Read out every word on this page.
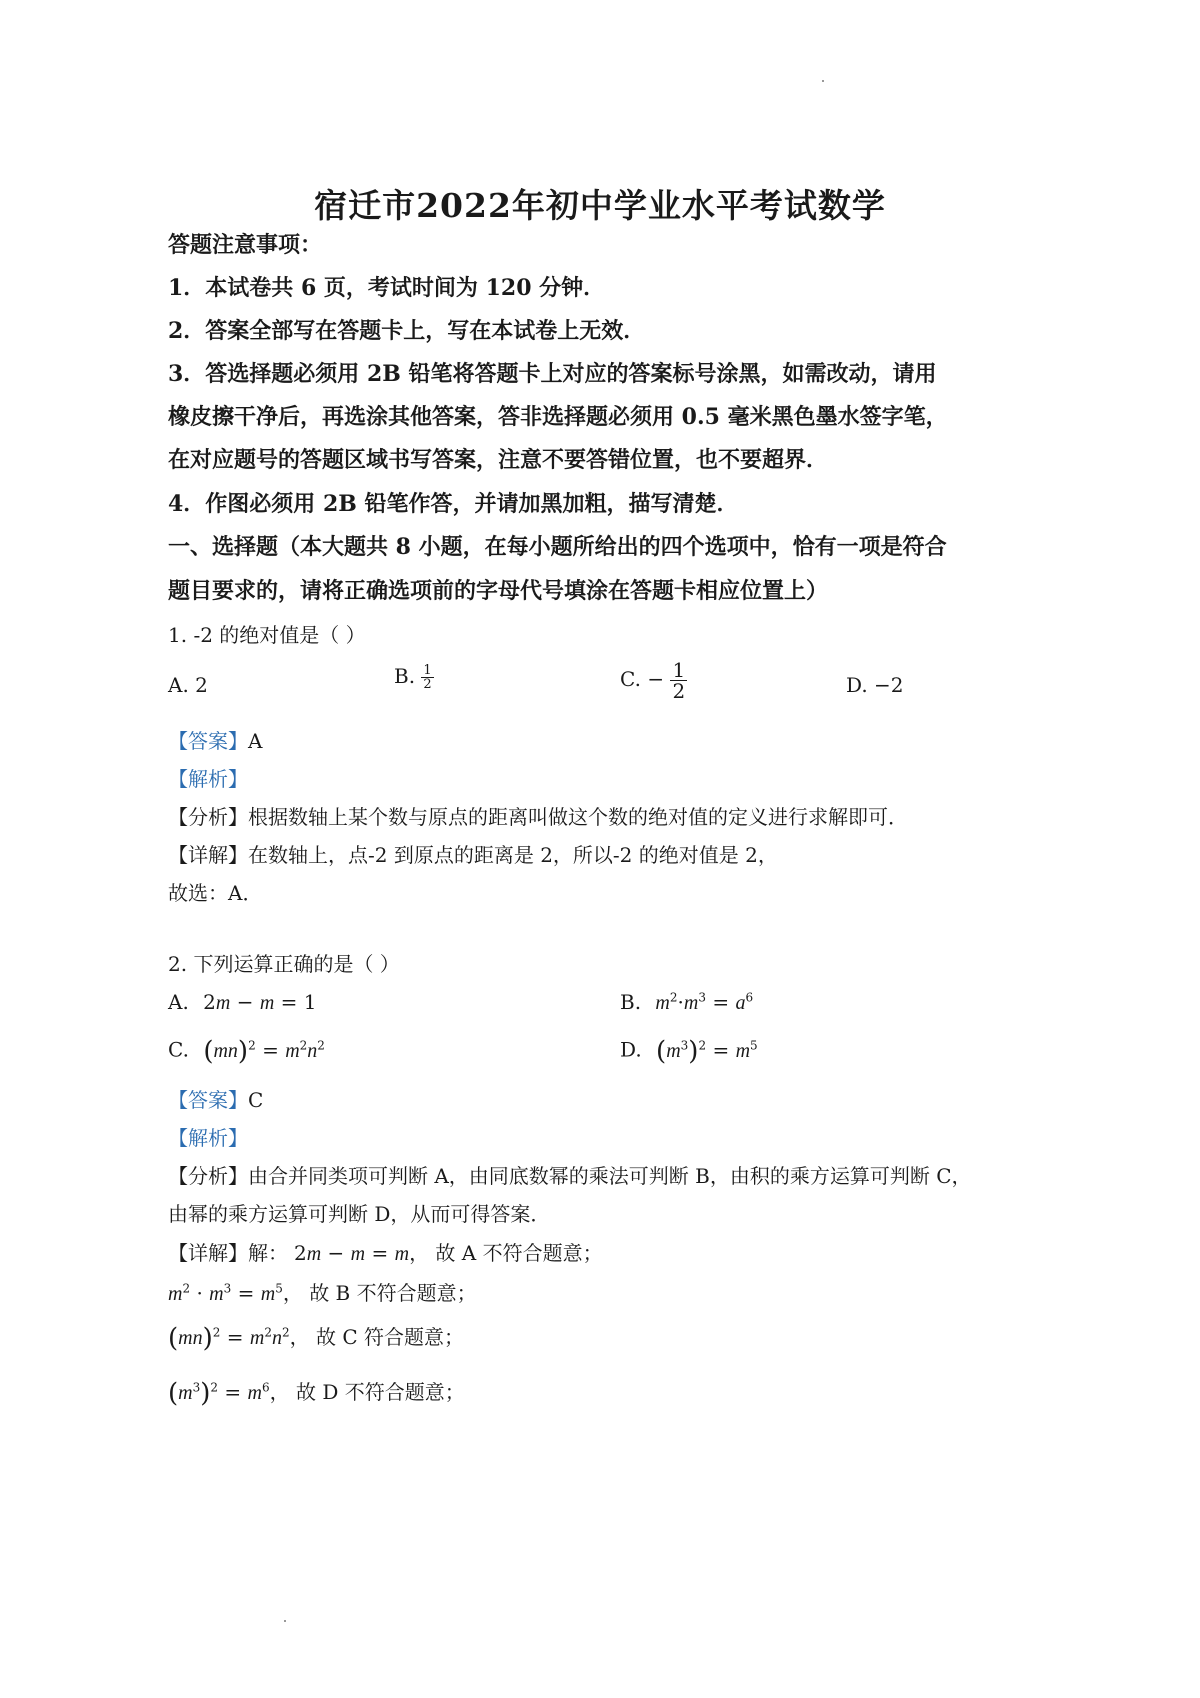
宿迁市2022年初中学业水平考试数学
答题注意事项：
1．本试卷共 6 页，考试时间为 120 分钟．
2．答案全部写在答题卡上，写在本试卷上无效．
3．答选择题必须用 2B 铅笔将答题卡上对应的答案标号涂黑，如需改动，请用
橡皮擦干净后，再选涂其他答案，答非选择题必须用 0.5 毫米黑色墨水签字笔，
在对应题号的答题区域书写答案，注意不要答错位置，也不要超界．
4．作图必须用 2B 铅笔作答，并请加黑加粗，描写清楚．
一、选择题（本大题共 8 小题，在每小题所给出的四个选项中，恰有一项是符合
题目要求的，请将正确选项前的字母代号填涂在答题卡相应位置上）
1. -2 的绝对值是（ ）
A. 2	B. $\frac{1}{2}$	C. − $\frac{1}{2}$	D. −2
【答案】A
【解析】
【分析】根据数轴上某个数与原点的距离叫做这个数的绝对值的定义进行求解即可．
【详解】在数轴上，点-2 到原点的距离是 2，所以-2 的绝对值是 2，
故选：A．
2. 下列运算正确的是（ ）
A. 2m − m = 1	B. $m^2\cdot m^3 = a^6$
C. $(mn)^2 = m^2n^2$	D. $(m^3)^2 = m^5$
【答案】C
【解析】
【分析】由合并同类项可判断 A，由同底数幂的乘法可判断 B，由积的乘方运算可判断 C，
由幂的乘方运算可判断 D，从而可得答案．
【详解】解： 2m − m = m， 故 A 不符合题意；
$m^2 \cdot m^3 = m^5$， 故 B 不符合题意；
$(mn)^2 = m^2n^2$， 故 C 符合题意；
$(m^3)^2 = m^6$， 故 D 不符合题意；
